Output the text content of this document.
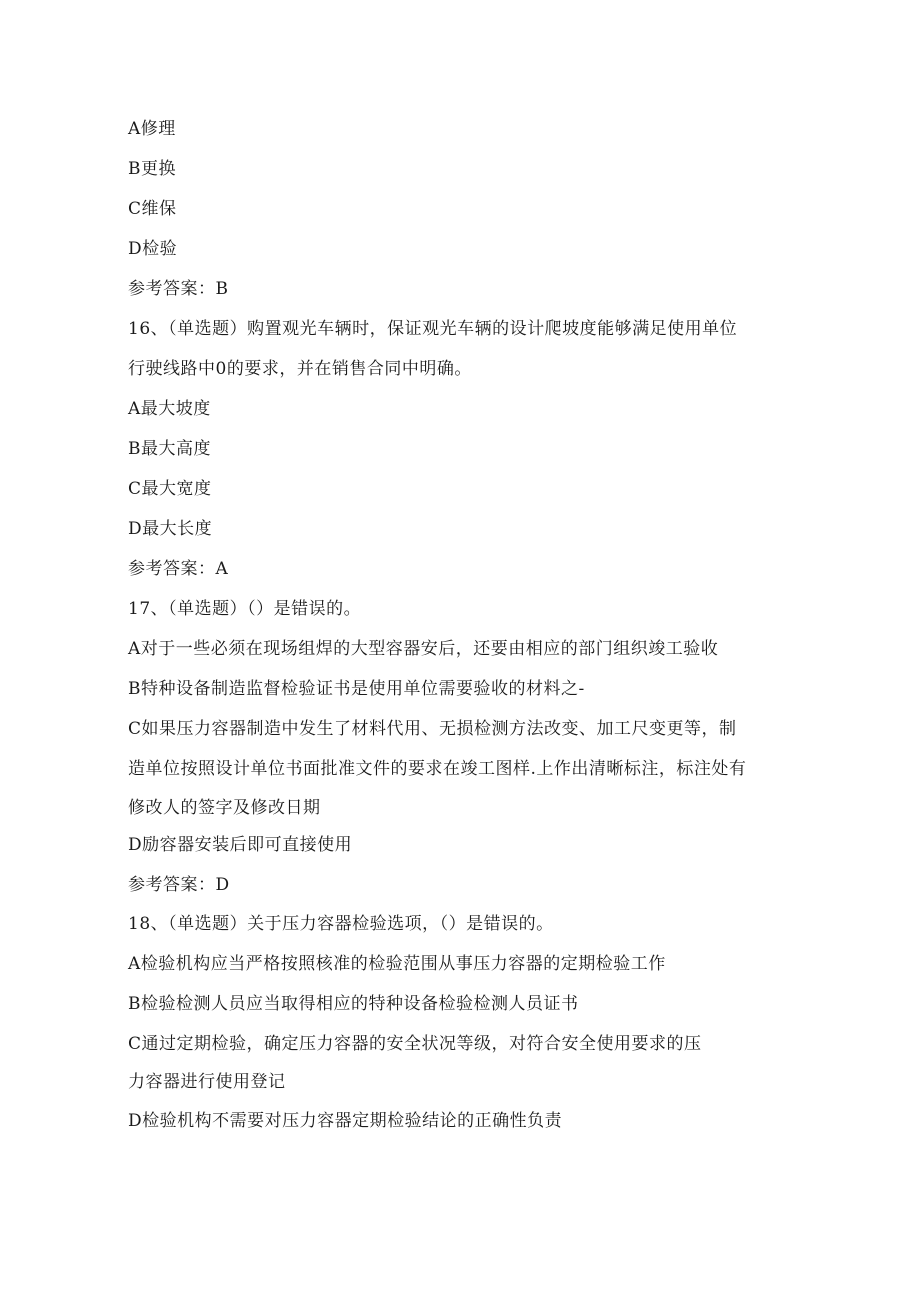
A修理
B更换
C维保
D检验
参考答案：B
16、（单选题）购置观光车辆时，保证观光车辆的设计爬坡度能够满足使用单位
行驶线路中0的要求，并在销售合同中明确。
A最大坡度
B最大高度
C最大宽度
D最大长度
参考答案：A
17、（单选题）（）是错误的。
A对于一些必须在现场组焊的大型容器安后，还要由相应的部门组织竣工验收
B特种设备制造监督检验证书是使用单位需要验收的材料之-
C如果压力容器制造中发生了材料代用、无损检测方法改变、加工尺变更等，制
造单位按照设计单位书面批准文件的要求在竣工图样.上作出清晰标注，标注处有
修改人的签字及修改日期
D励容器安装后即可直接使用
参考答案：D
18、（单选题）关于压力容器检验选项，（）是错误的。
A检验机构应当严格按照核准的检验范围从事压力容器的定期检验工作
B检验检测人员应当取得相应的特种设备检验检测人员证书
C通过定期检验，确定压力容器的安全状况等级，对符合安全使用要求的压
力容器进行使用登记
D检验机构不需要对压力容器定期检验结论的正确性负责
